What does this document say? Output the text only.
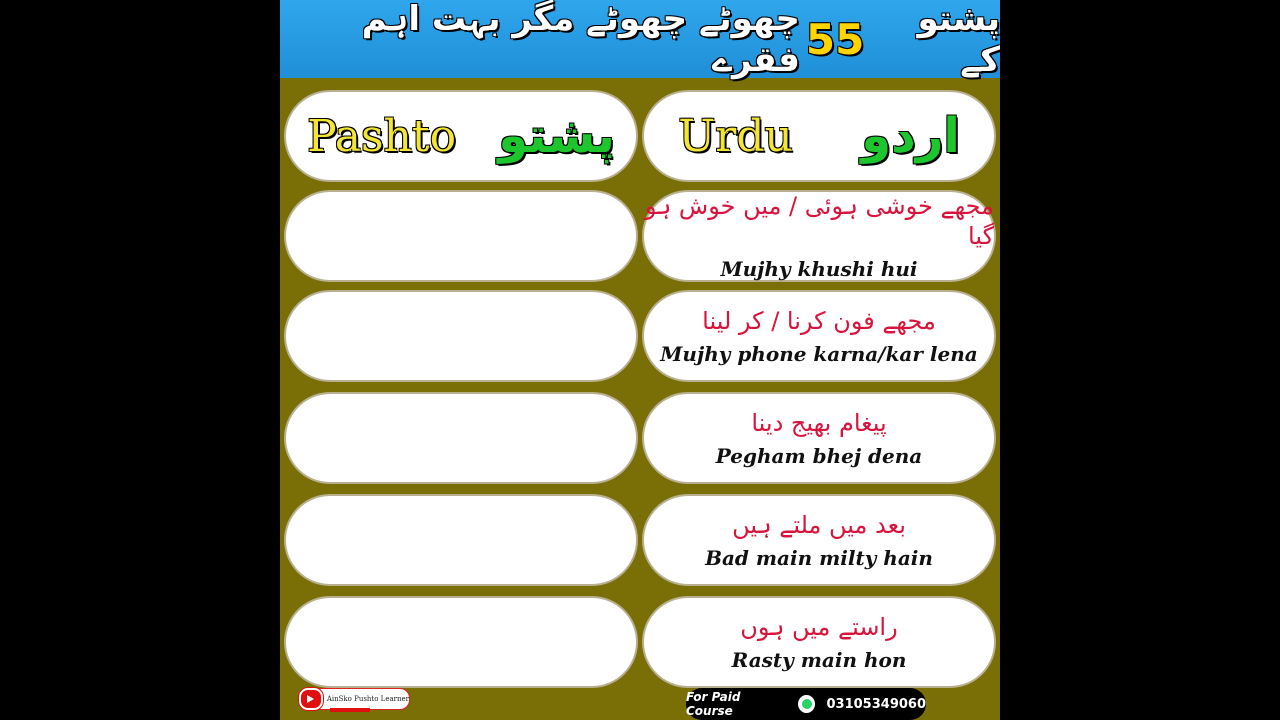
پشتو کے
55
چھوٹے چھوٹے مگر بہت اہم فقرے
Pashto پشتو Urdu اردو
مجھے خوشی ہوئی / میں خوش ہو گیا
Mujhy khushi hui
مجھے فون کرنا / کر لینا
Mujhy phone karna/kar lena
پیغام بھیج دینا
Pegham bhej dena
بعد میں ملتے ہیں
Bad main milty hain
راستے میں ہوں
Rasty main hon
AinSko Pushto Learner	For Paid Course	03105349060
